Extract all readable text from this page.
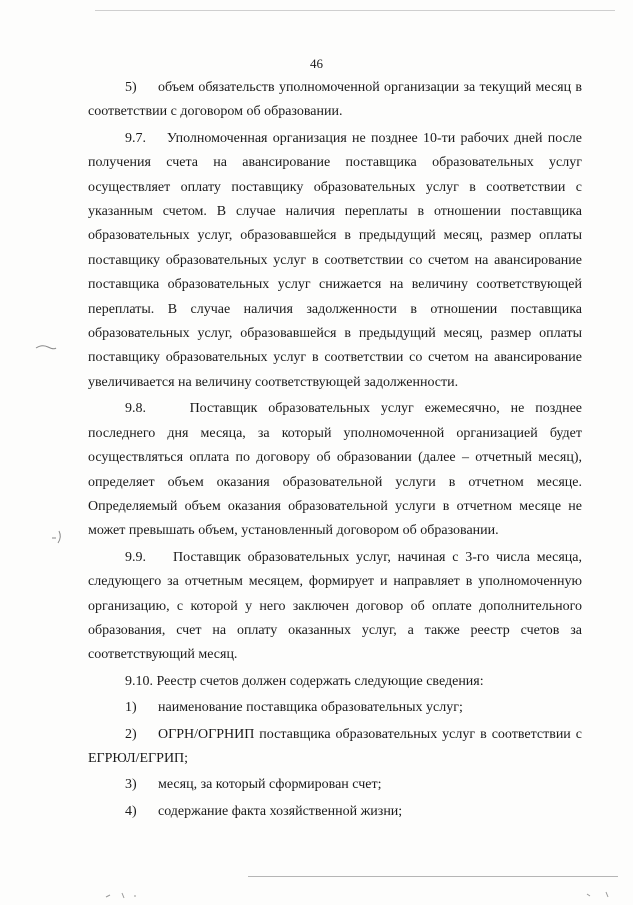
46

5) объем обязательств уполномоченной организации за текущий месяц в соответствии с договором об образовании.

9.7. Уполномоченная организация не позднее 10-ти рабочих дней после получения счета на авансирование поставщика образовательных услуг осуществляет оплату поставщику образовательных услуг в соответствии с указанным счетом. В случае наличия переплаты в отношении поставщика образовательных услуг, образовавшейся в предыдущий месяц, размер оплаты поставщику образовательных услуг в соответствии со счетом на авансирование поставщика образовательных услуг снижается на величину соответствующей переплаты. В случае наличия задолженности в отношении поставщика образовательных услуг, образовавшейся в предыдущий месяц, размер оплаты поставщику образовательных услуг в соответствии со счетом на авансирование увеличивается на величину соответствующей задолженности.

9.8.	Поставщик образовательных услуг ежемесячно, не позднее последнего дня месяца, за который уполномоченной организацией будет осуществляться оплата по договору об образовании (далее – отчетный месяц), определяет объем оказания образовательной услуги в отчетном месяце. Определяемый объем оказания образовательной услуги в отчетном месяце не может превышать объем, установленный договором об образовании.

9.9. Поставщик образовательных услуг, начиная с 3-го числа месяца, следующего за отчетным месяцем, формирует и направляет в уполномоченную организацию, с которой у него заключен договор об оплате дополнительного образования, счет на оплату оказанных услуг, а также реестр счетов за соответствующий месяц.

9.10. Реестр счетов должен содержать следующие сведения:

1)	наименование поставщика образовательных услуг;

2) ОГРН/ОГРНИП поставщика образовательных услуг в соответствии с ЕГРЮЛ/ЕГРИП;

3)	месяц, за который сформирован счет;

4)	содержание факта хозяйственной жизни;
